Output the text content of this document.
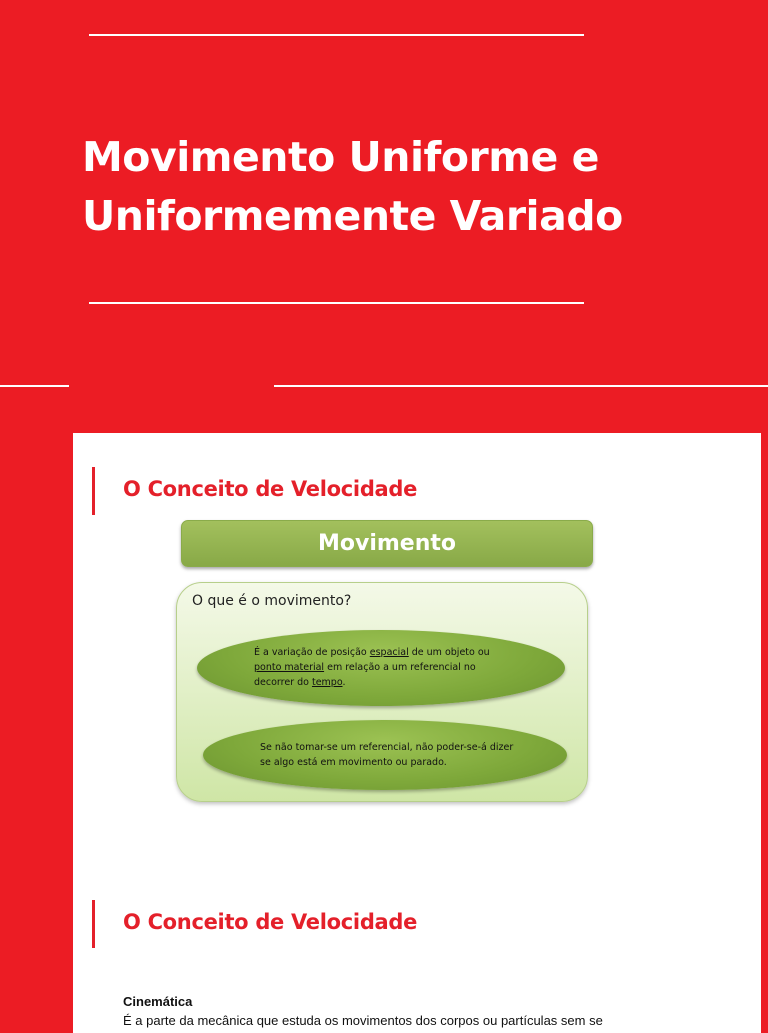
Movimento Uniforme e
Uniformemente Variado
O Conceito de Velocidade
Movimento

O que é o movimento?

É a variação de posição espacial de um objeto ou ponto material em relação a um referencial no decorrer do tempo.

Se não tomar-se um referencial, não poder-se-á dizer se algo está em movimento ou parado.

O Conceito de Velocidade

Cinemática

É a parte da mecânica que estuda os movimentos dos corpos ou partículas sem se
